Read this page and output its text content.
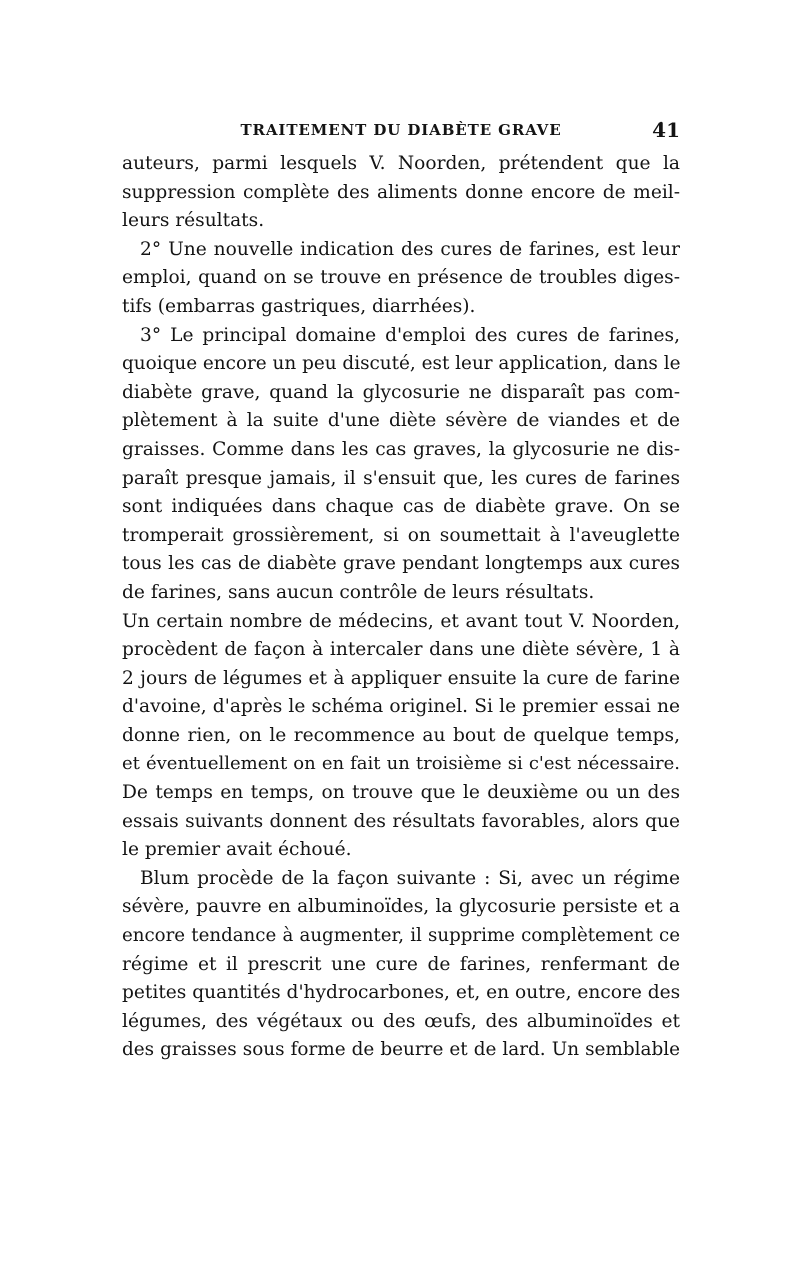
TRAITEMENT DU DIABÈTE GRAVE	4̇1
auteurs, parmi lesquels V. Noorden, prétendent que la
suppression complète des aliments donne encore de meil-
leurs résultats.
2° Une nouvelle indication des cures de farines, est leur
emploi, quand on se trouve en présence de troubles diges-
tifs (embarras gastriques, diarrhées).
3° Le principal domaine d'emploi des cures de farines,
quoique encore un peu discuté, est leur application, dans le
diabète grave, quand la glycosurie ne disparaît pas com-
plètement à la suite d'une diète sévère de viandes et de
graisses. Comme dans les cas graves, la glycosurie ne dis-
paraît presque jamais, il s'ensuit que, les cures de farines
sont indiquées dans chaque cas de diabète grave. On se
tromperait grossièrement, si on soumettait à l'aveuglette
tous les cas de diabète grave pendant longtemps aux cures
de farines, sans aucun contrôle de leurs résultats.
Un certain nombre de médecins, et avant tout V. Noorden,
procèdent de façon à intercaler dans une diète sévère, 1 à
2 jours de légumes et à appliquer ensuite la cure de farine
d'avoine, d'après le schéma originel. Si le premier essai ne
donne rien, on le recommence au bout de quelque temps,
et éventuellement on en fait un troisième si c'est nécessaire.
De temps en temps, on trouve que le deuxième ou un des
essais suivants donnent des résultats favorables, alors que
le premier avait échoué.
Blum procède de la façon suivante : Si, avec un régime
sévère, pauvre en albuminoïdes, la glycosurie persiste et a
encore tendance à augmenter, il supprime complètement ce
régime et il prescrit une cure de farines, renfermant de
petites quantités d'hydrocarbones, et, en outre, encore des
légumes, des végétaux ou des œufs, des albuminoïdes et
des graisses sous forme de beurre et de lard. Un semblable
